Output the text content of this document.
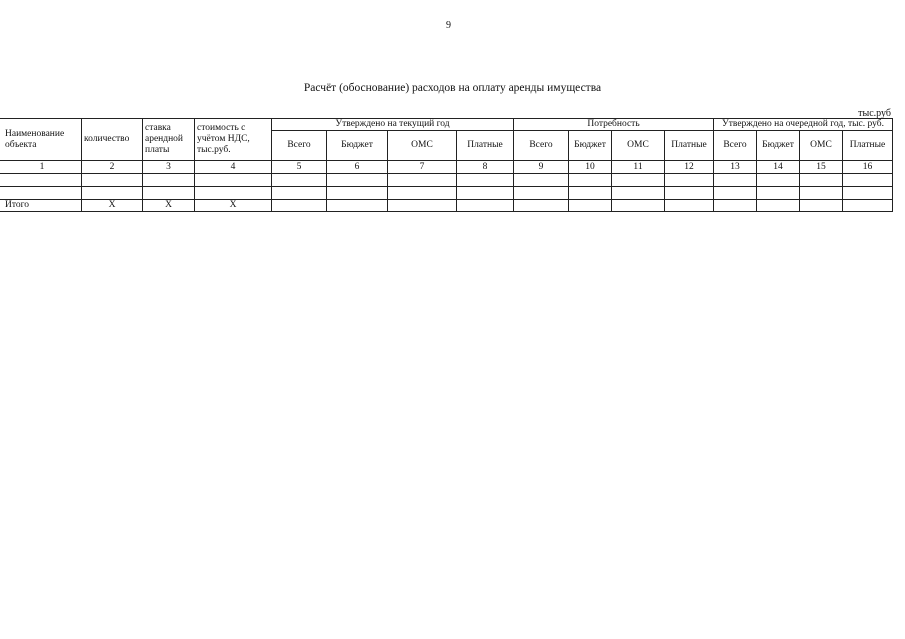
9
Расчёт (обоснование) расходов на оплату аренды имущества
тыс.руб
Наименование объекта	количество	ставка арендной платы	стоимость с учётом НДС, тыс.руб.	Утверждено на текущий год				Потребность				Утверждено на очередной год, тыс. руб.			
				Всего	Бюджет	ОМС	Платные	Всего	Бюджет	ОМС	Платные	Всего	Бюджет	ОМС	Платные
1	2	3	4	5	6	7	8	9	10	11	12	13	14	15	16

Итого	X	X	X												
